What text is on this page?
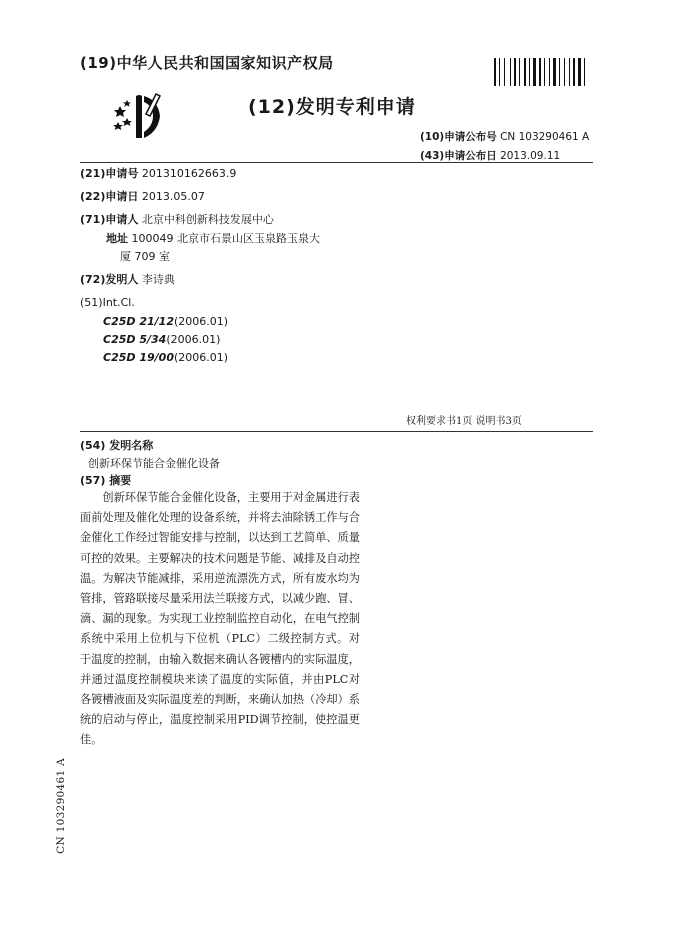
(19)中华人民共和国国家知识产权局
(12)发明专利申请
(10)申请公布号 CN 103290461 A
(43)申请公布日 2013.09.11
(21)申请号 201310162663.9
(22)申请日 2013.05.07
(71)申请人 北京中科创新科技发展中心
地址 100049 北京市石景山区玉泉路玉泉大
厦 709 室
(72)发明人 李诗典
(51)Int.Cl.
C25D 21/12(2006.01)
C25D 5/34(2006.01)
C25D 19/00(2006.01)
权利要求书1页 说明书3页
(54) 发明名称
创新环保节能合金催化设备
(57) 摘要

创新环保节能合金催化设备，主要用于对金属进行表面前处理及催化处理的设备系统，并将去油除锈工作与合金催化工作经过智能安排与控制，以达到工艺简单、质量可控的效果。主要解决的技术问题是节能、减排及自动控温。为解决节能减排，采用逆流漂洗方式，所有废水均为管排，管路联接尽量采用法兰联接方式，以减少跑、冒、滴、漏的现象。为实现工业控制监控自动化，在电气控制系统中采用上位机与下位机（PLC）二级控制方式。对于温度的控制，由输入数据来确认各镀槽内的实际温度，并通过温度控制模块来读了温度的实际值，并由PLC对各镀槽液面及实际温度差的判断，来确认加热（冷却）系统的启动与停止，温度控制采用PID调节控制，使控温更佳。

CN 103290461 A
